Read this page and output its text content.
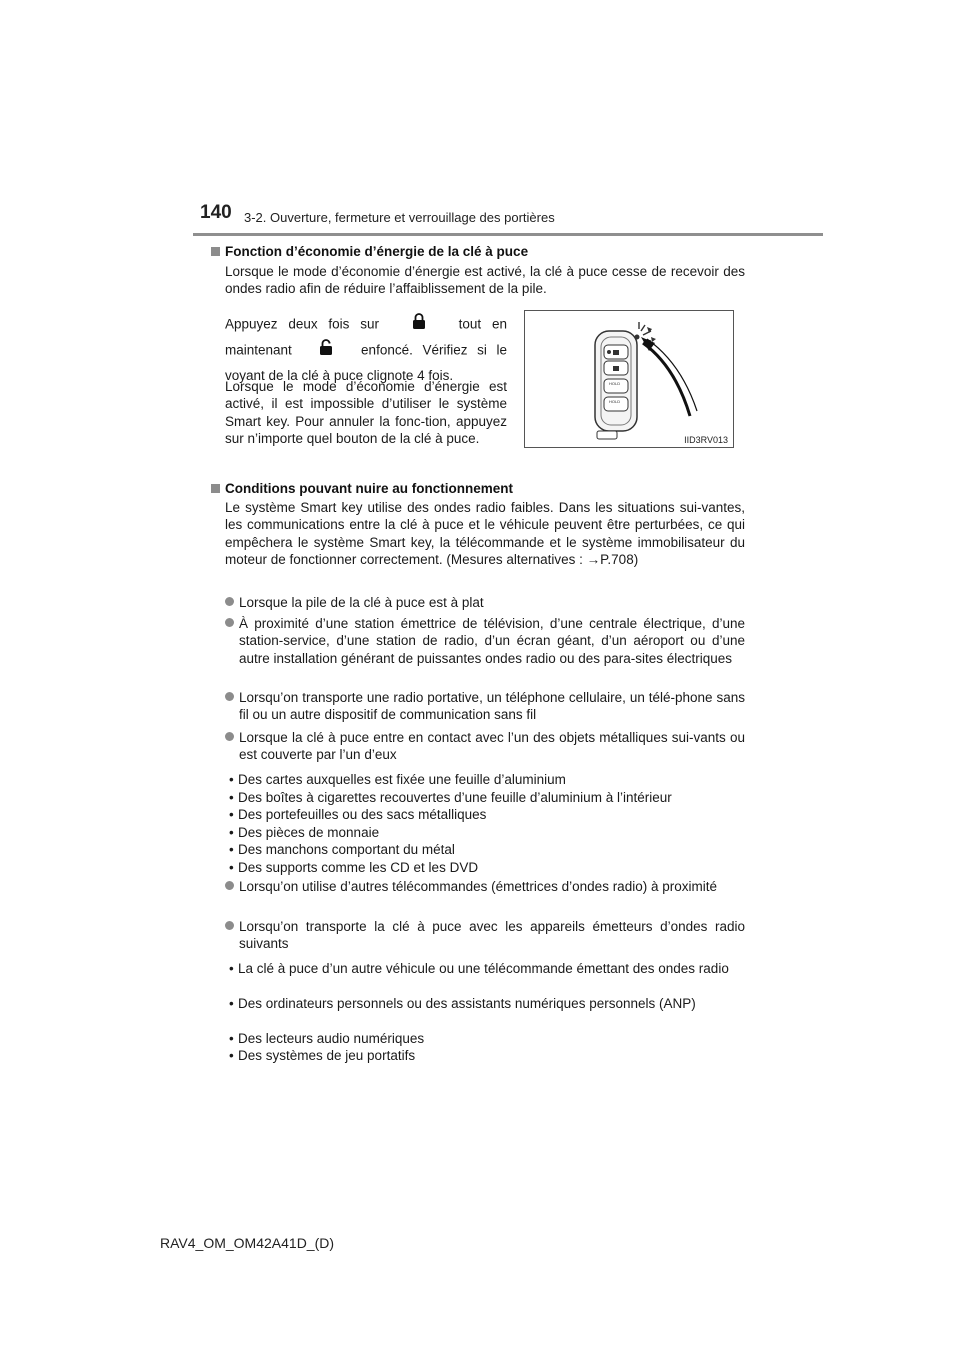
140 3-2. Ouverture, fermeture et verrouillage des portières
Fonction d’économie d’énergie de la clé à puce
Lorsque le mode d’économie d’énergie est activé, la clé à puce cesse de recevoir des ondes radio afin de réduire l’affaiblissement de la pile.
Appuyez deux fois sur	tout en maintenant	enfoncé. Vérifiez si le voyant de la clé à puce clignote 4 fois.
Lorsque le mode d’économie d’énergie est activé, il est impossible d’utiliser le système Smart key. Pour annuler la fonc-tion, appuyez sur n’importe quel bouton de la clé à puce.
HOLD
HOLD
IID3RV013
Conditions pouvant nuire au fonctionnement
Le système Smart key utilise des ondes radio faibles. Dans les situations sui-vantes, les communications entre la clé à puce et le véhicule peuvent être perturbées, ce qui empêchera le système Smart key, la télécommande et le système immobilisateur du moteur de fonctionner correctement. (Mesures alternatives : →P.708)
Lorsque la pile de la clé à puce est à plat
À proximité d’une station émettrice de télévision, d’une centrale électrique, d’une station-service, d’une station de radio, d’un écran géant, d’un aéroport ou d’une autre installation générant de puissantes ondes radio ou des para-sites électriques
Lorsqu’on transporte une radio portative, un téléphone cellulaire, un télé-phone sans fil ou un autre dispositif de communication sans fil
Lorsque la clé à puce entre en contact avec l’un des objets métalliques sui-vants ou est couverte par l’un d’eux
• Des cartes auxquelles est fixée une feuille d’aluminium
• Des boîtes à cigarettes recouvertes d’une feuille d’aluminium à l’intérieur
• Des portefeuilles ou des sacs métalliques
• Des pièces de monnaie
• Des manchons comportant du métal
• Des supports comme les CD et les DVD
Lorsqu’on utilise d’autres télécommandes (émettrices d’ondes radio) à proximité
Lorsqu’on transporte la clé à puce avec les appareils émetteurs d’ondes radio suivants
• La clé à puce d’un autre véhicule ou une télécommande émettant des ondes radio
• Des ordinateurs personnels ou des assistants numériques personnels (ANP)
• Des lecteurs audio numériques
• Des systèmes de jeu portatifs
RAV4_OM_OM42A41D_(D)
